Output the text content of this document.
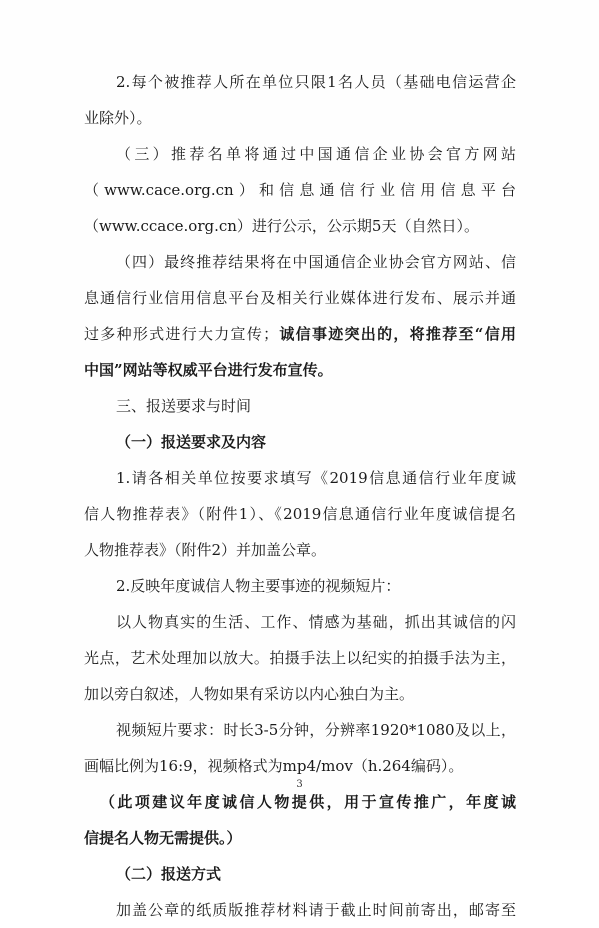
2.每个被推荐人所在单位只限1名人员（基础电信运营企
业除外）。
（三）推荐名单将通过中国通信企业协会官方网站
（www.cace.org.cn）和信息通信行业信用信息平台
（www.ccace.org.cn）进行公示，公示期5天（自然日）。
（四）最终推荐结果将在中国通信企业协会官方网站、信
息通信行业信用信息平台及相关行业媒体进行发布、展示并通
过多种形式进行大力宣传；诚信事迹突出的，将推荐至“信用
中国”网站等权威平台进行发布宣传。
三、报送要求与时间
（一）报送要求及内容
1.请各相关单位按要求填写《2019信息通信行业年度诚
信人物推荐表》（附件1）、《2019信息通信行业年度诚信提名
人物推荐表》（附件2）并加盖公章。
2.反映年度诚信人物主要事迹的视频短片：
以人物真实的生活、工作、情感为基础，抓出其诚信的闪
光点，艺术处理加以放大。拍摄手法上以纪实的拍摄手法为主，
加以旁白叙述，人物如果有采访以内心独白为主。
视频短片要求：时长3-5分钟，分辨率1920*1080及以上，
画幅比例为16:9，视频格式为mp4/mov（h.264编码）。
（此项建议年度诚信人物提供，用于宣传推广，年度诚
信提名人物无需提供。）
（二）报送方式
加盖公章的纸质版推荐材料请于截止时间前寄出，邮寄至
3
